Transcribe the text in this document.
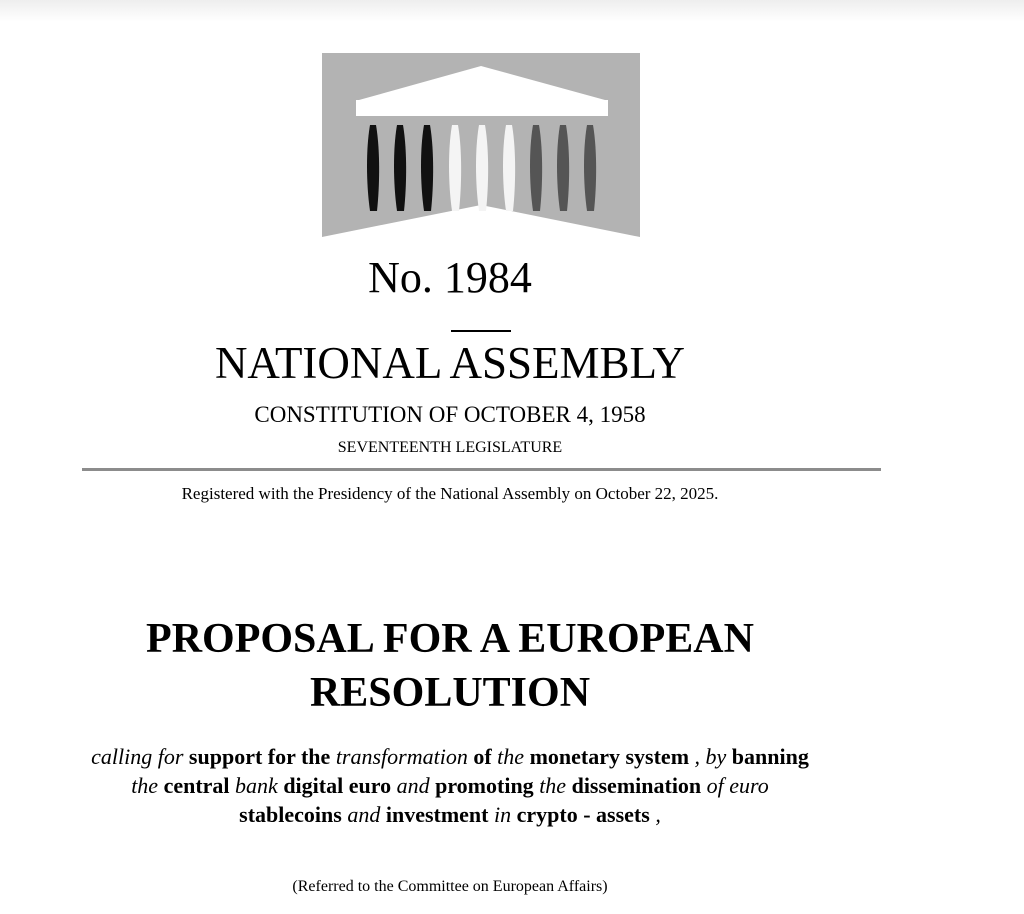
No. 1984
NATIONAL ASSEMBLY
CONSTITUTION OF OCTOBER 4, 1958
SEVENTEENTH LEGISLATURE
Registered with the Presidency of the National Assembly on October 22, 2025.
PROPOSAL FOR A EUROPEAN
RESOLUTION
calling for support for the transformation of the monetary system , by banning
the central bank digital euro and promoting the dissemination of euro
stablecoins and investment in crypto - assets ,
(Referred to the Committee on European Affairs)
